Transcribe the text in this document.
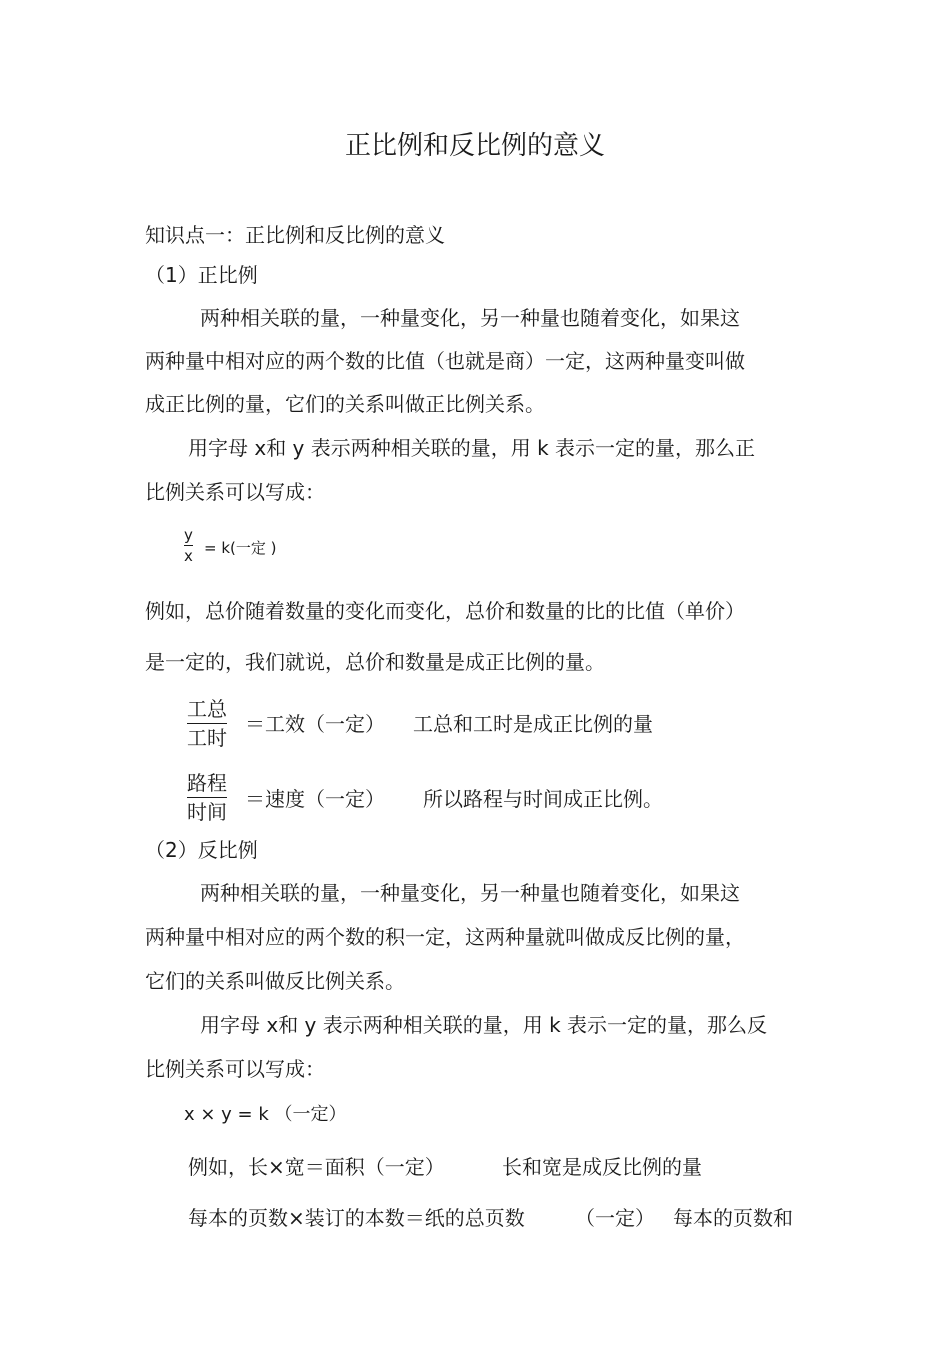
正比例和反比例的意义
知识点一：正比例和反比例的意义
（1）正比例
两种相关联的量，一种量变化，另一种量也随着变化，如果这
两种量中相对应的两个数的比值（也就是商）一定，这两种量变叫做
成正比例的量，它们的关系叫做正比例关系。
用字母 x和 y 表示两种相关联的量，用 k 表示一定的量，那么正
比例关系可以写成：
y
x = k(一定 )
例如，总价随着数量的变化而变化，总价和数量的比的比值（单价）
是一定的，我们就说，总价和数量是成正比例的量。
工总
工时
＝工效（一定） 工总和工时是成正比例的量
路程
时间
＝速度（一定） 所以路程与时间成正比例。
（2）反比例
两种相关联的量，一种量变化，另一种量也随着变化，如果这
两种量中相对应的两个数的积一定，这两种量就叫做成反比例的量，
它们的关系叫做反比例关系。
用字母 x和 y 表示两种相关联的量，用 k 表示一定的量，那么反
比例关系可以写成：
x × y = k （一定）
例如，长×宽＝面积（一定）	长和宽是成反比例的量
每本的页数×装订的本数＝纸的总页数	（一定） 每本的页数和
